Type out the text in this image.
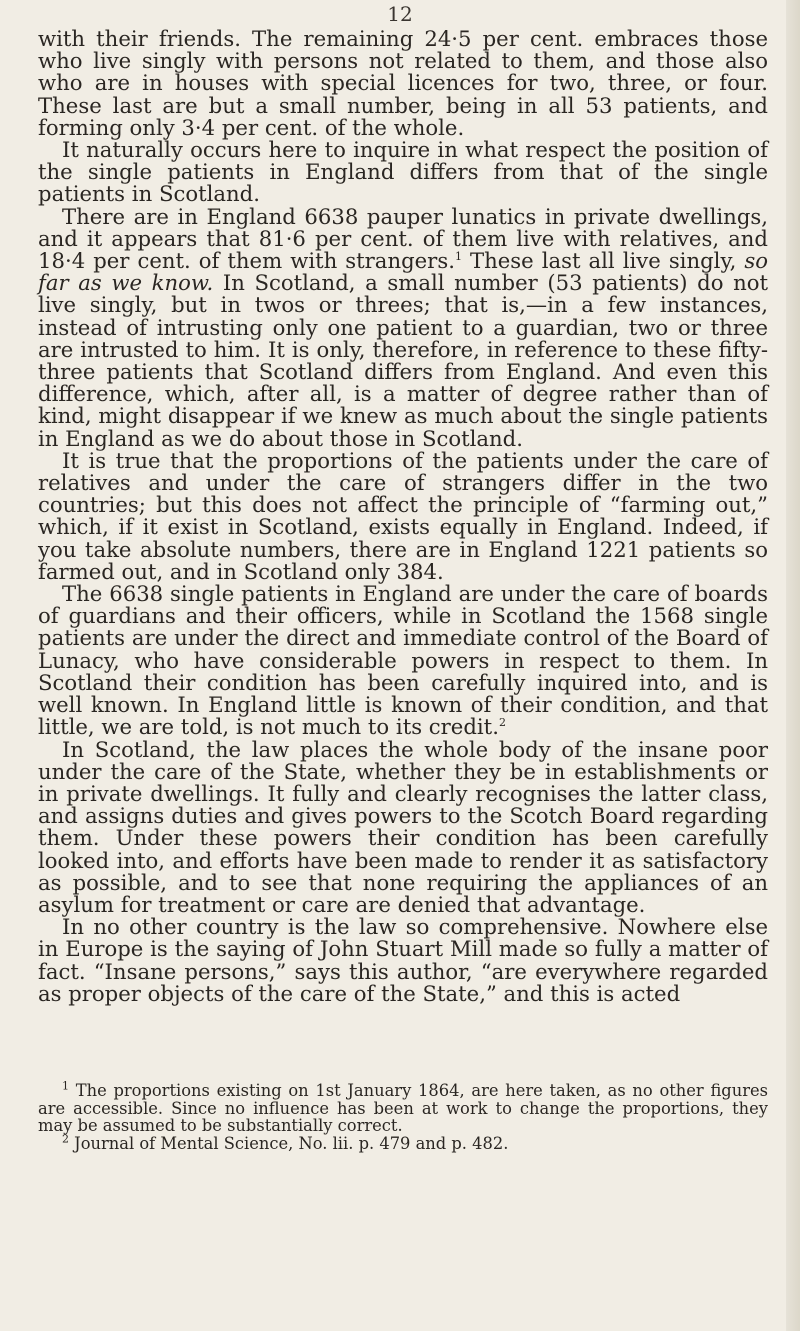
12

with their friends. The remaining 24·5 per cent. embraces those who live singly with persons not related to them, and those also who are in houses with special licences for two, three, or four. These last are but a small number, being in all 53 patients, and forming only 3·4 per cent. of the whole.

It naturally occurs here to inquire in what respect the position of the single patients in England differs from that of the single patients in Scotland.

There are in England 6638 pauper lunatics in private dwellings, and it appears that 81·6 per cent. of them live with relatives, and 18·4 per cent. of them with strangers.$^1$ These last all live singly, so far as we know. In Scotland, a small number (53 patients) do not live singly, but in twos or threes; that is,—in a few instances, instead of intrusting only one patient to a guardian, two or three are intrusted to him. It is only, therefore, in reference to these fifty-three patients that Scotland differs from England. And even this difference, which, after all, is a matter of degree rather than of kind, might disappear if we knew as much about the single patients in England as we do about those in Scotland.

It is true that the proportions of the patients under the care of relatives and under the care of strangers differ in the two countries; but this does not affect the principle of “farming out,” which, if it exist in Scotland, exists equally in England. Indeed, if you take absolute numbers, there are in England 1221 patients so farmed out, and in Scotland only 384.

The 6638 single patients in England are under the care of boards of guardians and their officers, while in Scotland the 1568 single patients are under the direct and immediate control of the Board of Lunacy, who have considerable powers in respect to them. In Scotland their condition has been carefully inquired into, and is well known. In England little is known of their condition, and that little, we are told, is not much to its credit.$^2$

In Scotland, the law places the whole body of the insane poor under the care of the State, whether they be in establishments or in private dwellings. It fully and clearly recognises the latter class, and assigns duties and gives powers to the Scotch Board regarding them. Under these powers their condition has been carefully looked into, and efforts have been made to render it as satisfactory as possible, and to see that none requiring the appliances of an asylum for treatment or care are denied that advantage.

In no other country is the law so comprehensive. Nowhere else in Europe is the saying of John Stuart Mill made so fully a matter of fact. “Insane persons,” says this author, “are everywhere regarded as proper objects of the care of the State,” and this is acted

$^1$ The proportions existing on 1st January 1864, are here taken, as no other figures are accessible. Since no influence has been at work to change the proportions, they may be assumed to be substantially correct.

$^2$ Journal of Mental Science, No. lii. p. 479 and p. 482.
